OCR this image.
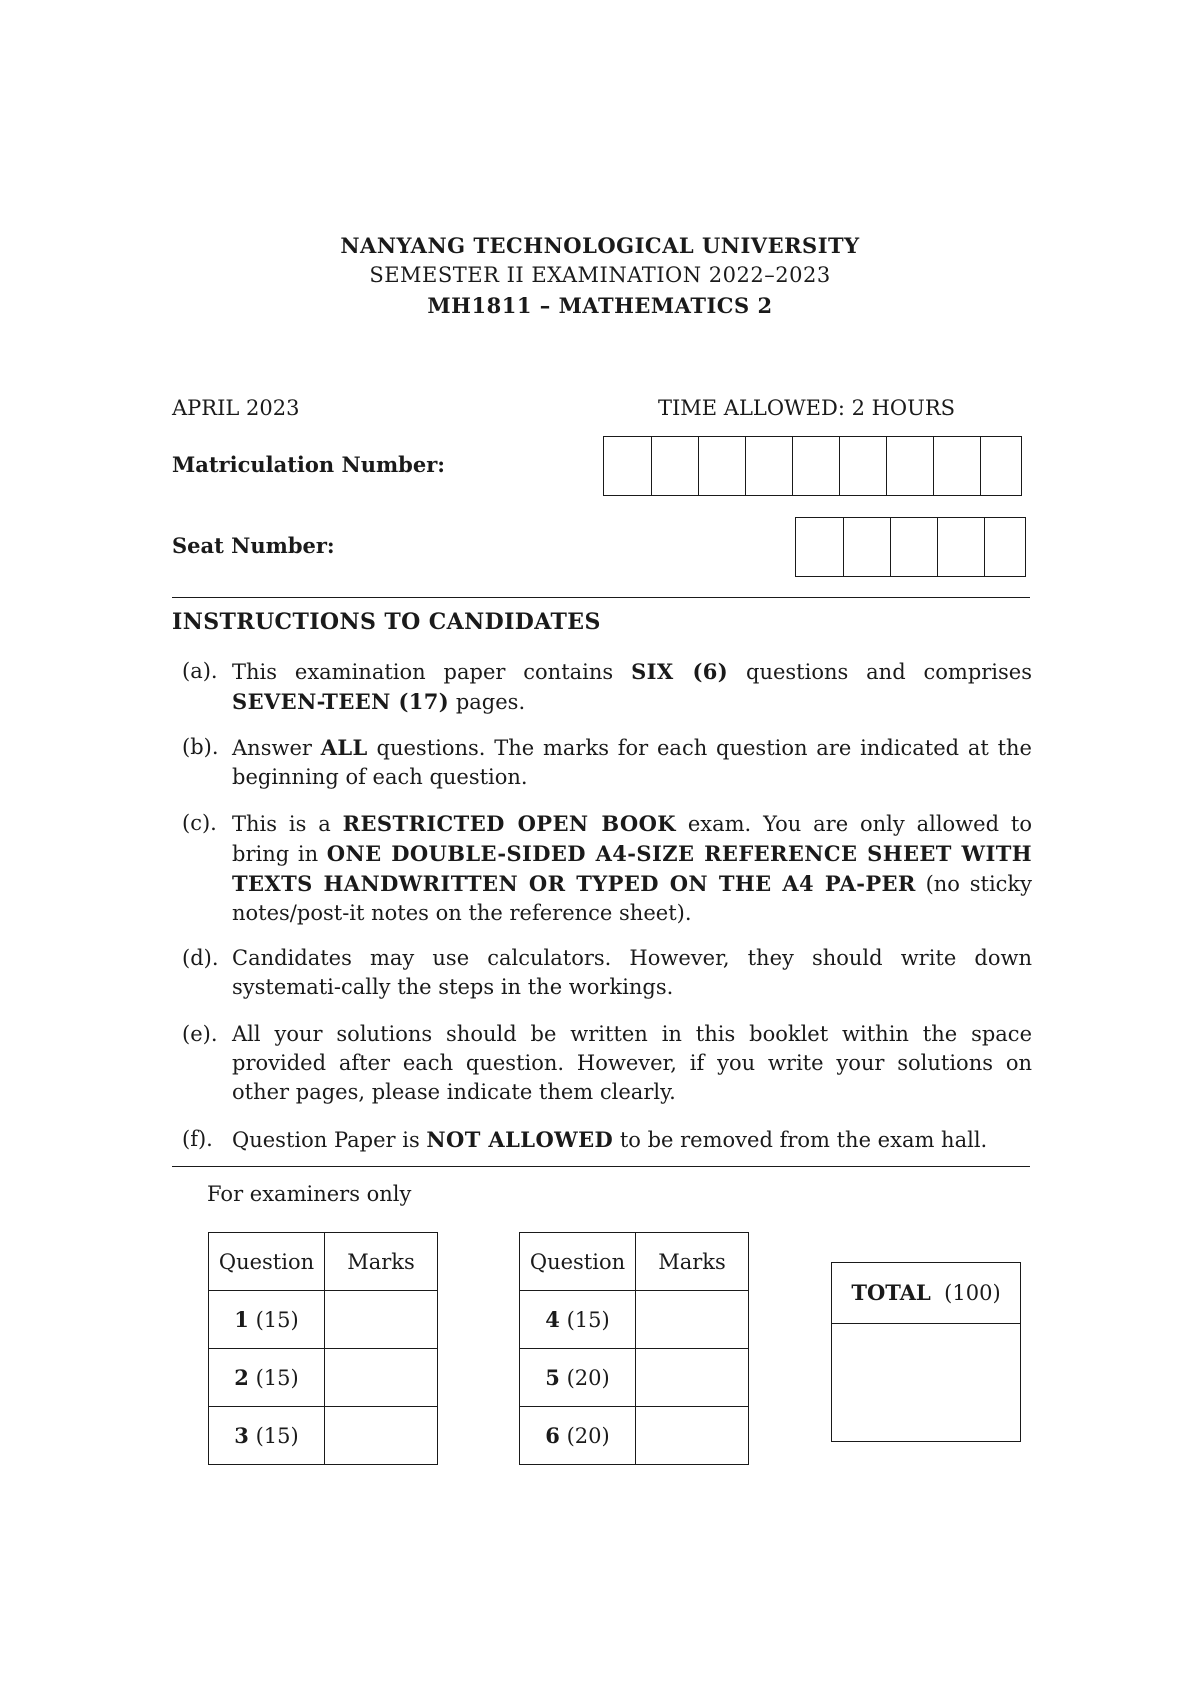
NANYANG TECHNOLOGICAL UNIVERSITY
SEMESTER II EXAMINATION 2022–2023
MH1811 – MATHEMATICS 2
APRIL 2023	TIME ALLOWED: 2 HOURS
Matriculation Number:
Seat Number:
INSTRUCTIONS TO CANDIDATES
(a). This examination paper contains SIX (6) questions and comprises SEVEN-TEEN (17) pages.
(b). Answer ALL questions. The marks for each question are indicated at the beginning of each question.
(c). This is a RESTRICTED OPEN BOOK exam. You are only allowed to bring in ONE DOUBLE-SIDED A4-SIZE REFERENCE SHEET WITH TEXTS HANDWRITTEN OR TYPED ON THE A4 PA-PER (no sticky notes/post-it notes on the reference sheet).
(d). Candidates may use calculators. However, they should write down systemati-cally the steps in the workings.
(e). All your solutions should be written in this booklet within the space provided after each question. However, if you write your solutions on other pages, please indicate them clearly.
(f). Question Paper is NOT ALLOWED to be removed from the exam hall.
For examiners only
Question	Marks
1 (15)	
2 (15)	
3 (15)	
Question	Marks
4 (15)	
5 (20)	
6 (20)	
TOTAL (100)
